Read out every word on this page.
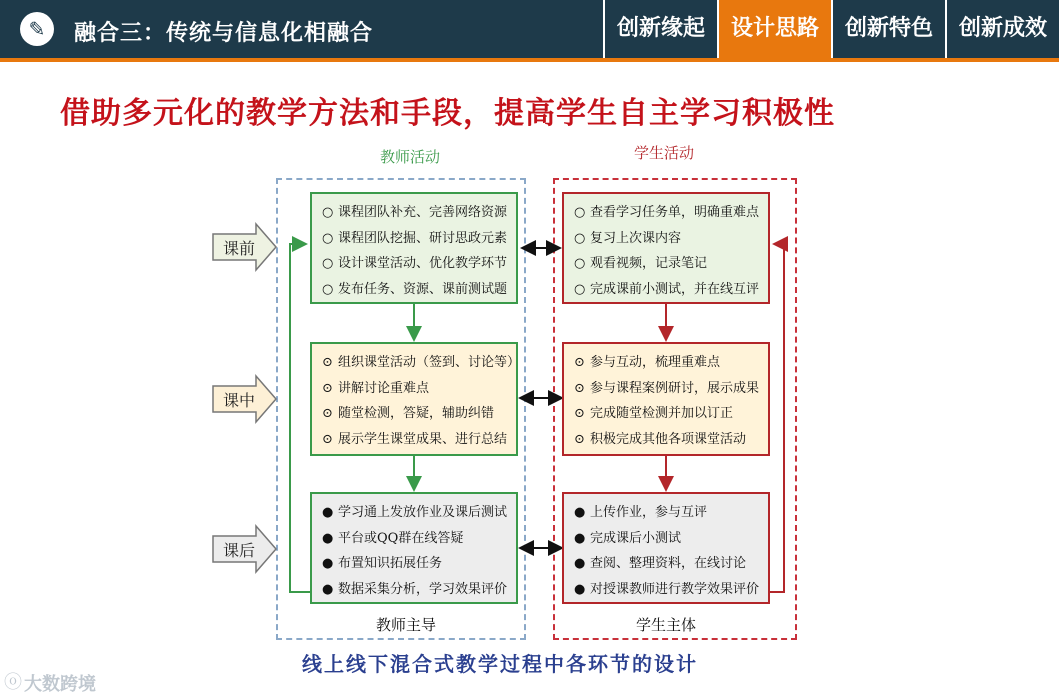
✎	融合三：传统与信息化相融合	创新缘起	设计思路	创新特色	创新成效
借助多元化的教学方法和手段，提高学生自主学习积极性
教师活动	学生活动
课前
课中
课后
○ 课程团队补充、完善网络资源
○ 课程团队挖掘、研讨思政元素
○ 设计课堂活动、优化教学环节
○ 发布任务、资源、课前测试题
⊙ 组织课堂活动（签到、讨论等）
⊙ 讲解讨论重难点
⊙ 随堂检测，答疑，辅助纠错
⊙ 展示学生课堂成果、进行总结
● 学习通上发放作业及课后测试
● 平台或QQ群在线答疑
● 布置知识拓展任务
● 数据采集分析，学习效果评价
○ 查看学习任务单，明确重难点
○ 复习上次课内容
○ 观看视频，记录笔记
○ 完成课前小测试，并在线互评
⊙ 参与互动，梳理重难点
⊙ 参与课程案例研讨，展示成果
⊙ 完成随堂检测并加以订正
⊙ 积极完成其他各项课堂活动
● 上传作业，参与互评
● 完成课后小测试
● 查阅、整理资料，在线讨论
● 对授课教师进行教学效果评价
教师主导	学生主体
线上线下混合式教学过程中各环节的设计
ⓞ 大数跨境
